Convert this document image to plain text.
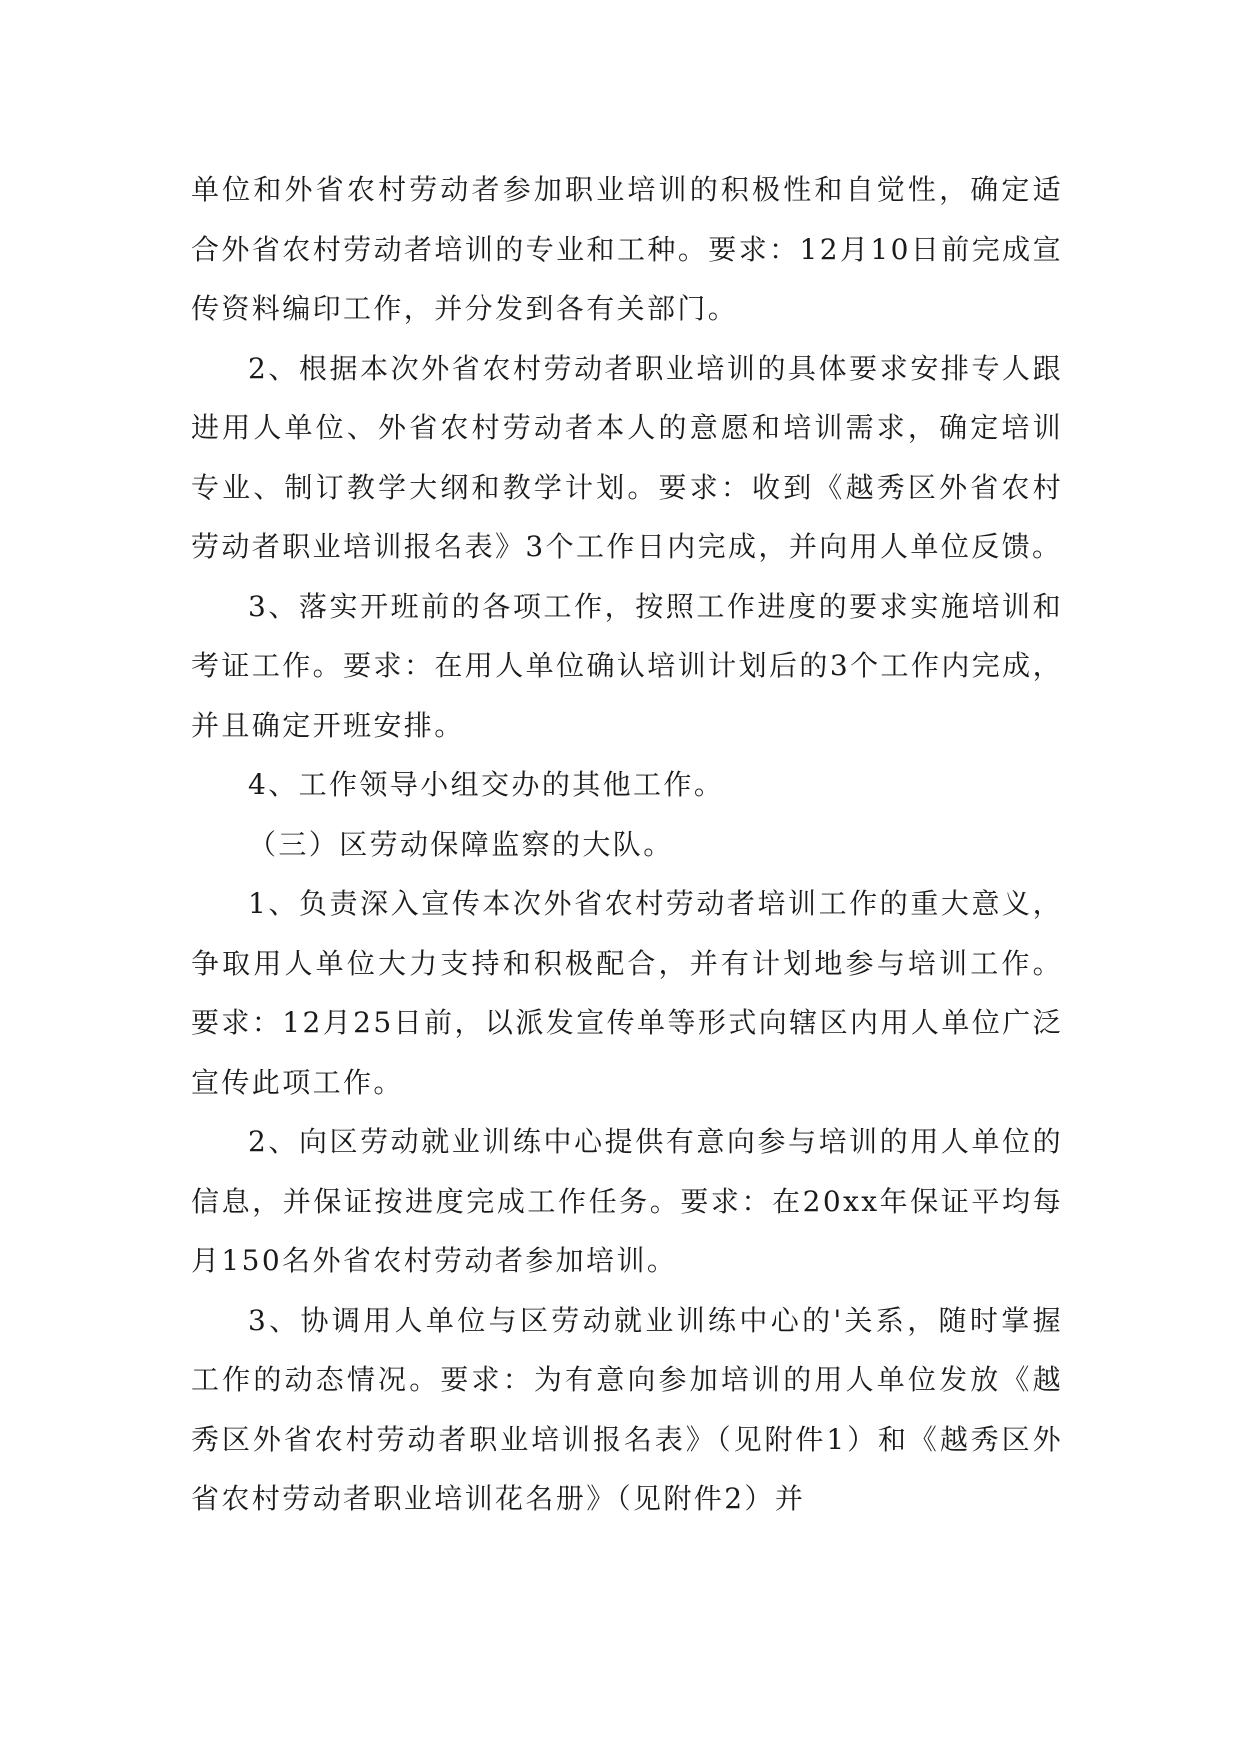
单位和外省农村劳动者参加职业培训的积极性和自觉性，确定适合外省农村劳动者培训的专业和工种。要求：12月10日前完成宣传资料编印工作，并分发到各有关部门。

2、根据本次外省农村劳动者职业培训的具体要求安排专人跟进用人单位、外省农村劳动者本人的意愿和培训需求，确定培训专业、制订教学大纲和教学计划。要求：收到《越秀区外省农村劳动者职业培训报名表》3个工作日内完成，并向用人单位反馈。

3、落实开班前的各项工作，按照工作进度的要求实施培训和考证工作。要求：在用人单位确认培训计划后的3个工作内完成，并且确定开班安排。

4、工作领导小组交办的其他工作。

（三）区劳动保障监察的大队。

1、负责深入宣传本次外省农村劳动者培训工作的重大意义，争取用人单位大力支持和积极配合，并有计划地参与培训工作。要求：12月25日前，以派发宣传单等形式向辖区内用人单位广泛宣传此项工作。

2、向区劳动就业训练中心提供有意向参与培训的用人单位的信息，并保证按进度完成工作任务。要求：在20xx年保证平均每月150名外省农村劳动者参加培训。

3、协调用人单位与区劳动就业训练中心的'关系，随时掌握工作的动态情况。要求：为有意向参加培训的用人单位发放《越秀区外省农村劳动者职业培训报名表》（见附件1）和《越秀区外省农村劳动者职业培训花名册》（见附件2）并
